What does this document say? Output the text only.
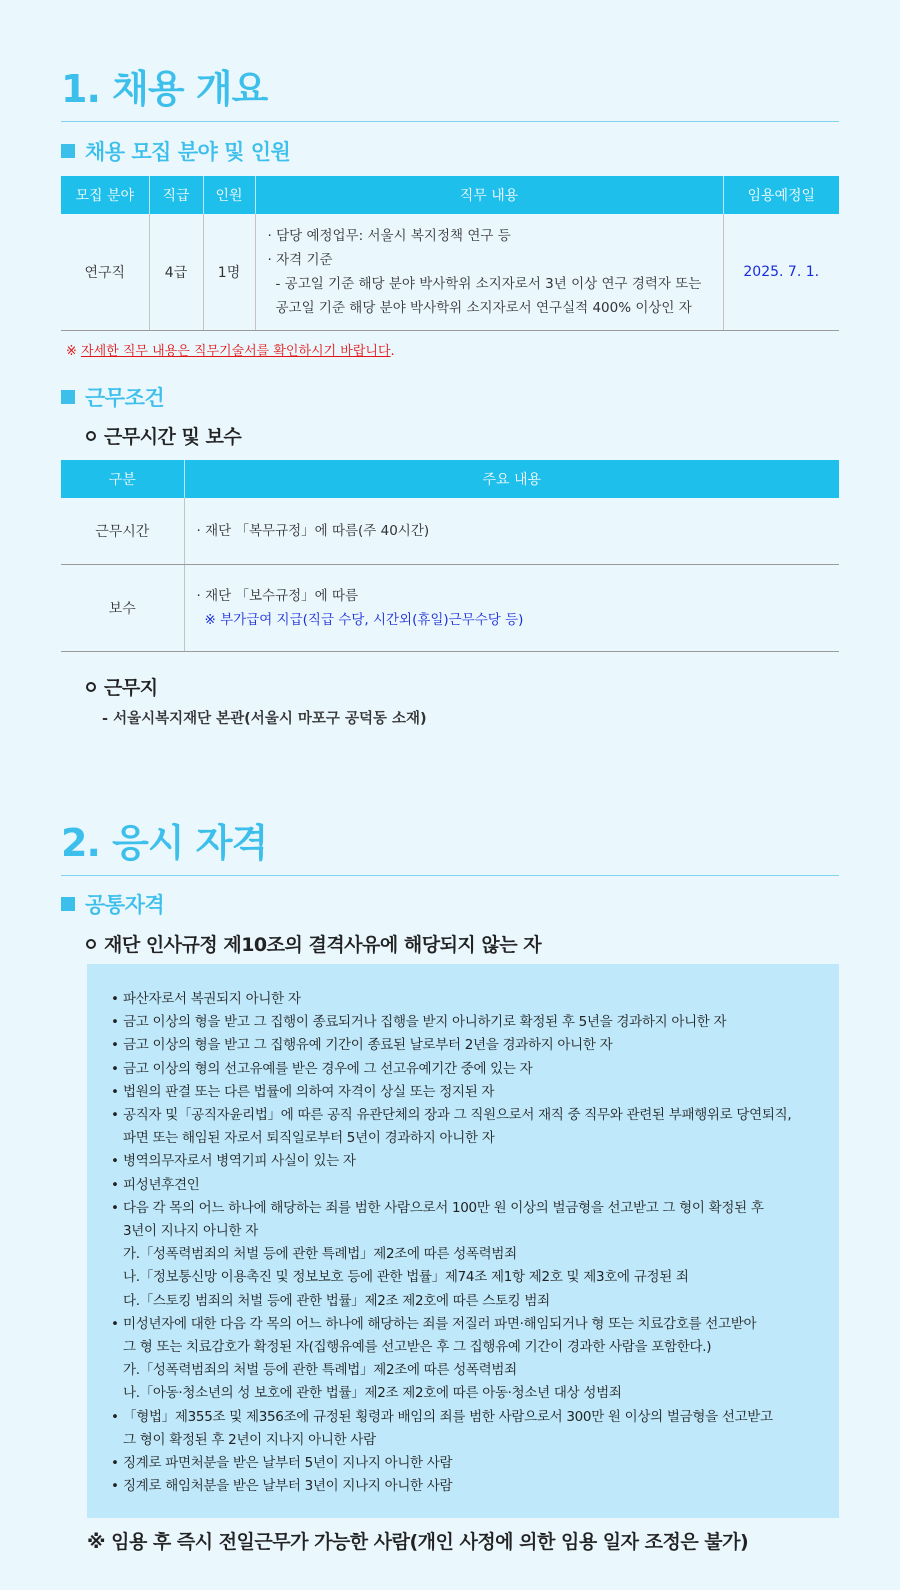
1. 채용 개요
채용 모집 분야 및 인원
모집 분야	직급	인원	직무 내용	임용예정일
연구직	4급	1명	· 담당 예정업무: 서울시 복지정책 연구 등
· 자격 기준
- 공고일 기준 해당 분야 박사학위 소지자로서 3년 이상 연구 경력자 또는
공고일 기준 해당 분야 박사학위 소지자로서 연구실적 400% 이상인 자	2025. 7. 1.
※ 자세한 직무 내용은 직무기술서를 확인하시기 바랍니다.
근무조건
근무시간 및 보수
구분	주요 내용
근무시간	· 재단 「복무규정」에 따름(주 40시간)

보수	· 재단 「보수규정」에 따름
※ 부가급여 지급(직급 수당, 시간외(휴일)근무수당 등)
근무지
- 서울시복지재단 본관(서울시 마포구 공덕동 소재)
2. 응시 자격
공통자격
재단 인사규정 제10조의 결격사유에 해당되지 않는 자
• 파산자로서 복권되지 아니한 자
• 금고 이상의 형을 받고 그 집행이 종료되거나 집행을 받지 아니하기로 확정된 후 5년을 경과하지 아니한 자
• 금고 이상의 형을 받고 그 집행유예 기간이 종료된 날로부터 2년을 경과하지 아니한 자
• 금고 이상의 형의 선고유예를 받은 경우에 그 선고유예기간 중에 있는 자
• 법원의 판결 또는 다른 법률에 의하여 자격이 상실 또는 정지된 자
• 공직자 및「공직자윤리법」에 따른 공직 유관단체의 장과 그 직원으로서 재직 중 직무와 관련된 부패행위로 당연퇴직,
파면 또는 해임된 자로서 퇴직일로부터 5년이 경과하지 아니한 자
• 병역의무자로서 병역기피 사실이 있는 자
• 피성년후견인
• 다음 각 목의 어느 하나에 해당하는 죄를 범한 사람으로서 100만 원 이상의 벌금형을 선고받고 그 형이 확정된 후
3년이 지나지 아니한 자
가.「성폭력범죄의 처벌 등에 관한 특례법」제2조에 따른 성폭력범죄
나.「정보통신망 이용촉진 및 정보보호 등에 관한 법률」제74조 제1항 제2호 및 제3호에 규정된 죄
다.「스토킹 범죄의 처벌 등에 관한 법률」제2조 제2호에 따른 스토킹 범죄
• 미성년자에 대한 다음 각 목의 어느 하나에 해당하는 죄를 저질러 파면·해임되거나 형 또는 치료감호를 선고받아
그 형 또는 치료감호가 확정된 자(집행유예를 선고받은 후 그 집행유예 기간이 경과한 사람을 포함한다.)
가.「성폭력범죄의 처벌 등에 관한 특례법」제2조에 따른 성폭력범죄
나.「아동·청소년의 성 보호에 관한 법률」제2조 제2호에 따른 아동·청소년 대상 성범죄
• 「형법」제355조 및 제356조에 규정된 횡령과 배임의 죄를 범한 사람으로서 300만 원 이상의 벌금형을 선고받고
그 형이 확정된 후 2년이 지나지 아니한 사람
• 징계로 파면처분을 받은 날부터 5년이 지나지 아니한 사람
• 징계로 해임처분을 받은 날부터 3년이 지나지 아니한 사람
※ 임용 후 즉시 전일근무가 가능한 사람(개인 사정에 의한 임용 일자 조정은 불가)
